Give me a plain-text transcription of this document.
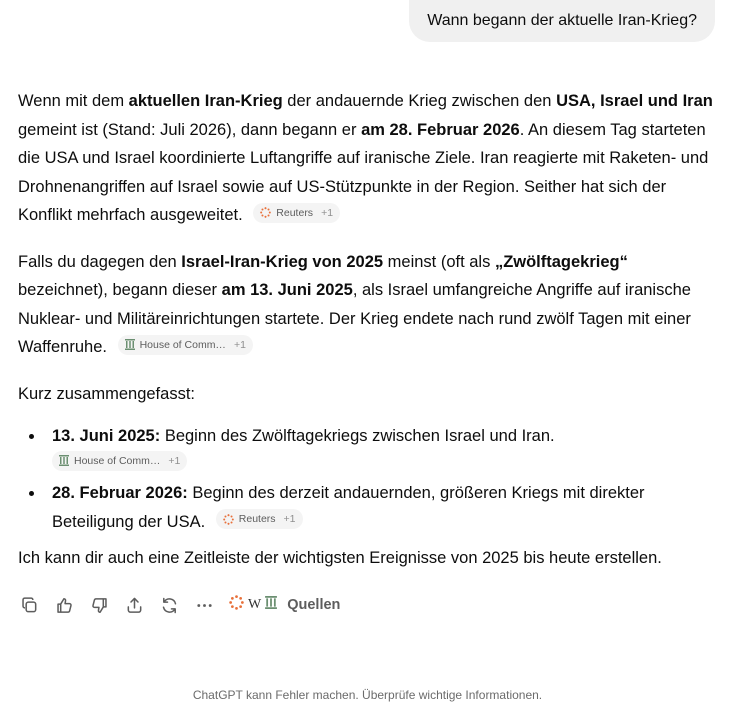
Wann begann der aktuelle Iran-Krieg?

Wenn mit dem aktuellen Iran-Krieg der andauernde Krieg zwischen den USA, Israel und Iran gemeint ist (Stand: Juli 2026), dann begann er am 28. Februar 2026. An diesem Tag starteten die USA und Israel koordinierte Luftangriffe auf iranische Ziele. Iran reagierte mit Raketen- und Drohnenangriffen auf Israel sowie auf US-Stützpunkte in der Region. Seither hat sich der Konflikt mehrfach ausgeweitet.	Reuters +1

Falls du dagegen den Israel-Iran-Krieg von 2025 meinst (oft als „Zwölftagekrieg“ bezeichnet), begann dieser am 13. Juni 2025, als Israel umfangreiche Angriffe auf iranische Nuklear- und Militäreinrichtungen startete. Der Krieg endete nach rund zwölf Tagen mit einer Waffenruhe.	House of Comm… +1

Kurz zusammengefasst:

13. Juni 2025: Beginn des Zwölftagekriegs zwischen Israel und Iran.
House of Comm… +1
28. Februar 2026: Beginn des derzeit andauernden, größeren Kriegs mit direkter Beteiligung der USA.	Reuters +1

Ich kann dir auch eine Zeitleiste der wichtigsten Ereignisse von 2025 bis heute erstellen.

W Quellen
ChatGPT kann Fehler machen. Überprüfe wichtige Informationen.
